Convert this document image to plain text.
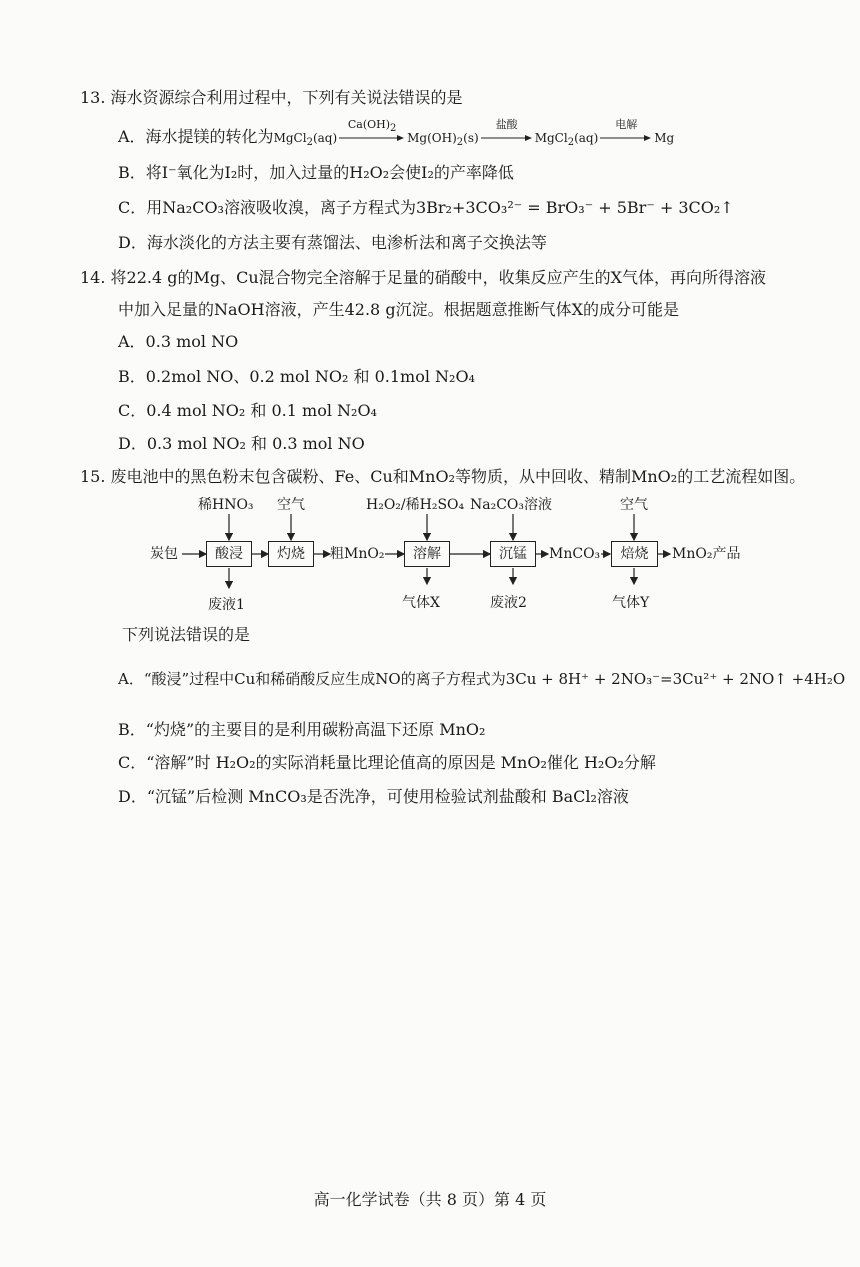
13. 海水资源综合利用过程中，下列有关说法错误的是
A．海水提镁的转化为MgCl$_2$(aq)
$Ca(OH)_2$
$Mg(OH)_2(s)$
盐酸
MgCl$_2$(aq)
电解
Mg
B．将I⁻氧化为I₂时，加入过量的H₂O₂会使I₂的产率降低
C．用Na₂CO₃溶液吸收溴，离子方程式为3Br₂+3CO₃²⁻ = BrO₃⁻ + 5Br⁻ + 3CO₂↑
D．海水淡化的方法主要有蒸馏法、电渗析法和离子交换法等
14. 将22.4 g的Mg、Cu混合物完全溶解于足量的硝酸中，收集反应产生的X气体，再向所得溶液
中加入足量的NaOH溶液，产生42.8 g沉淀。根据题意推断气体X的成分可能是
A．0.3 mol NO
B．0.2mol NO、0.2 mol NO₂ 和 0.1mol N₂O₄
C．0.4 mol NO₂ 和 0.1 mol N₂O₄
D．0.3 mol NO₂ 和 0.3 mol NO
15. 废电池中的黑色粉末包含碳粉、Fe、Cu和MnO₂等物质，从中回收、精制MnO₂的工艺流程如图。
稀HNO₃ 空气	H₂O₂/稀H₂SO₄ Na₂CO₃溶液	空气
炭包	酸浸	灼烧	粗MnO₂	溶解	沉锰	MnCO₃	焙烧	MnO₂产品
废液1	气体X	废液2	气体Y
下列说法错误的是
A．“酸浸”过程中Cu和稀硝酸反应生成NO的离子方程式为3Cu + 8H⁺ + 2NO₃⁻=3Cu²⁺ + 2NO↑ +4H₂O
B．“灼烧”的主要目的是利用碳粉高温下还原 MnO₂
C．“溶解”时 H₂O₂的实际消耗量比理论值高的原因是 MnO₂催化 H₂O₂分解
D．“沉锰”后检测 MnCO₃是否洗净，可使用检验试剂盐酸和 BaCl₂溶液
高一化学试卷（共 8 页）第 4 页
